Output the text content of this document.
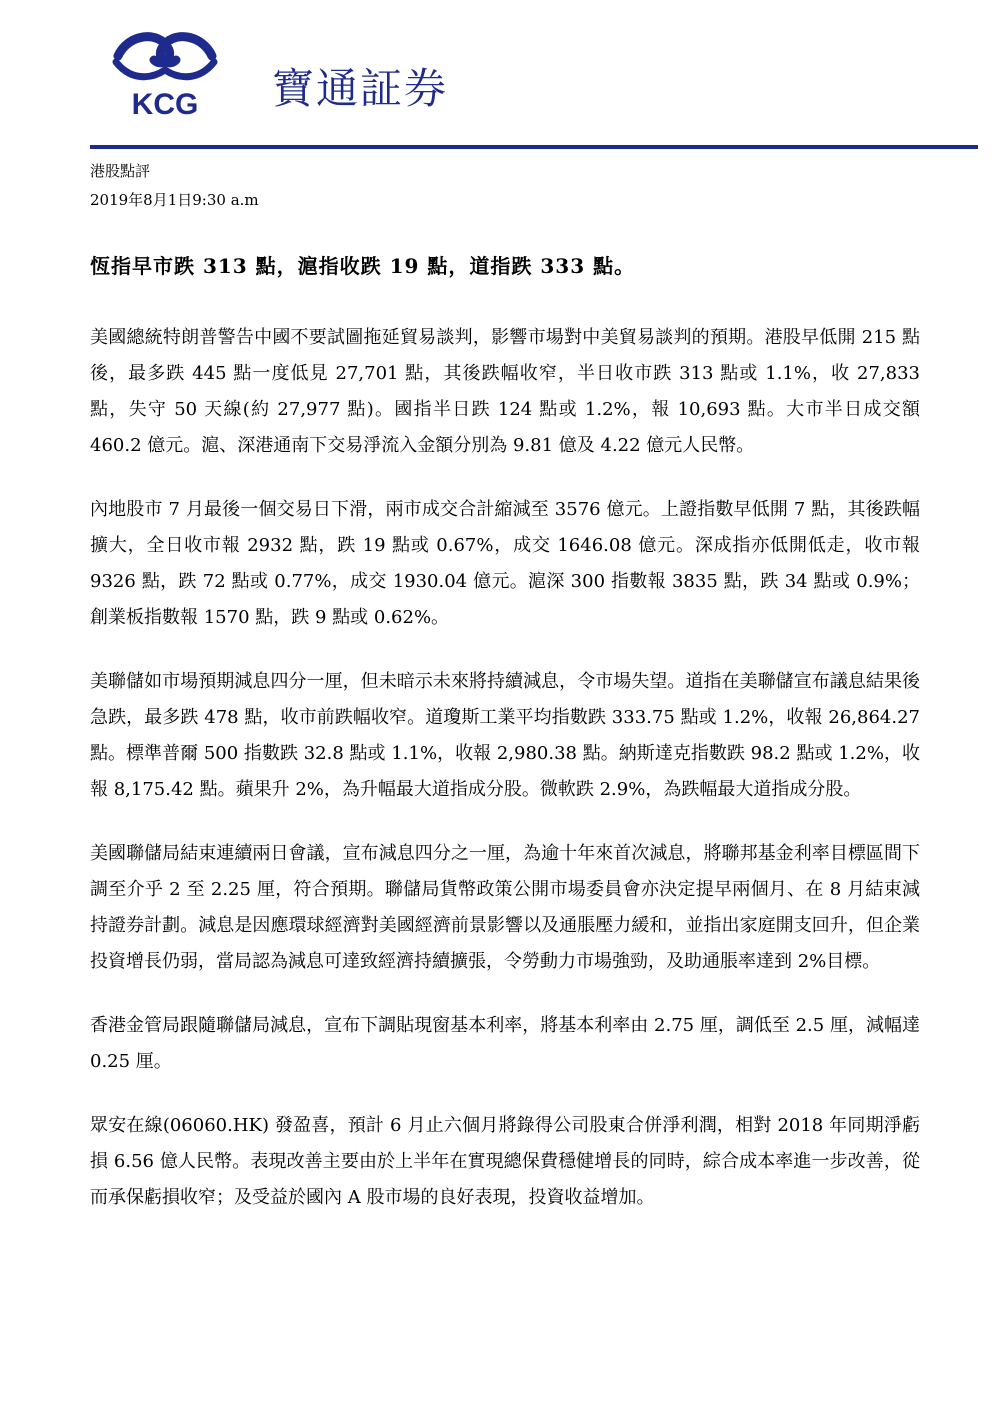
KCG 寶通証券
港股點評
2019年8月1日9:30 a.m
恆指早市跌 313 點，滬指收跌 19 點，道指跌 333 點。

美國總統特朗普警告中國不要試圖拖延貿易談判，影響市場對中美貿易談判的預期。港股早低開 215 點後，最多跌 445 點一度低見 27,701 點，其後跌幅收窄，半日收市跌 313 點或 1.1%，收 27,833 點，失守 50 天線(約 27,977 點)。國指半日跌 124 點或 1.2%，報 10,693 點。大市半日成交額 460.2 億元。滬、深港通南下交易淨流入金額分別為 9.81 億及 4.22 億元人民幣。

內地股市 7 月最後一個交易日下滑，兩市成交合計縮減至 3576 億元。上證指數早低開 7 點，其後跌幅擴大，全日收市報 2932 點，跌 19 點或 0.67%，成交 1646.08 億元。深成指亦低開低走，收市報 9326 點，跌 72 點或 0.77%，成交 1930.04 億元。滬深 300 指數報 3835 點，跌 34 點或 0.9%；創業板指數報 1570 點，跌 9 點或 0.62%。

美聯儲如市場預期減息四分一厘，但未暗示未來將持續減息，令市場失望。道指在美聯儲宣布議息結果後急跌，最多跌 478 點，收市前跌幅收窄。道瓊斯工業平均指數跌 333.75 點或 1.2%，收報 26,864.27 點。標準普爾 500 指數跌 32.8 點或 1.1%，收報 2,980.38 點。納斯達克指數跌 98.2 點或 1.2%，收報 8,175.42 點。蘋果升 2%，為升幅最大道指成分股。微軟跌 2.9%，為跌幅最大道指成分股。

美國聯儲局結束連續兩日會議，宣布減息四分之一厘，為逾十年來首次減息，將聯邦基金利率目標區間下調至介乎 2 至 2.25 厘，符合預期。聯儲局貨幣政策公開市場委員會亦決定提早兩個月、在 8 月結束減持證券計劃。減息是因應環球經濟對美國經濟前景影響以及通脹壓力緩和，並指出家庭開支回升，但企業投資增長仍弱，當局認為減息可達致經濟持續擴張，令勞動力市場強勁，及助通脹率達到 2%目標。

香港金管局跟隨聯儲局減息，宣布下調貼現窗基本利率，將基本利率由 2.75 厘，調低至 2.5 厘，減幅達 0.25 厘。

眾安在線(06060.HK) 發盈喜，預計 6 月止六個月將錄得公司股東合併淨利潤，相對 2018 年同期淨虧損 6.56 億人民幣。表現改善主要由於上半年在實現總保費穩健增長的同時，綜合成本率進一步改善，從而承保虧損收窄；及受益於國內 A 股市場的良好表現，投資收益增加。
